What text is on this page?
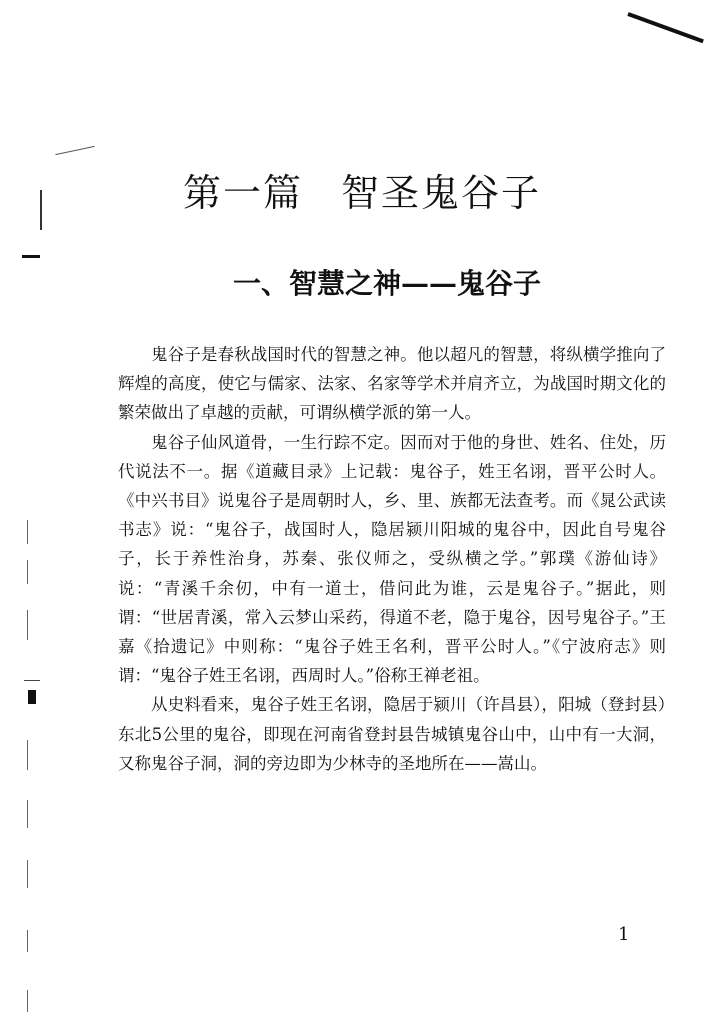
第一篇 智圣鬼谷子
一、智慧之神——鬼谷子

鬼谷子是春秋战国时代的智慧之神。他以超凡的智慧，将纵横学推向了辉煌的高度，使它与儒家、法家、名家等学术并肩齐立，为战国时期文化的繁荣做出了卓越的贡献，可谓纵横学派的第一人。

鬼谷子仙风道骨，一生行踪不定。因而对于他的身世、姓名、住处，历代说法不一。据《道藏目录》上记载：鬼谷子，姓王名诩，晋平公时人。《中兴书目》说鬼谷子是周朝时人，乡、里、族都无法查考。而《晁公武读书志》说：“鬼谷子，战国时人，隐居颍川阳城的鬼谷中，因此自号鬼谷子，长于养性治身，苏秦、张仪师之，受纵横之学。”郭璞《游仙诗》说：“青溪千余仞，中有一道士，借问此为谁，云是鬼谷子。”据此，则谓：“世居青溪，常入云梦山采药，得道不老，隐于鬼谷，因号鬼谷子。”王嘉《拾遗记》中则称：“鬼谷子姓王名利，晋平公时人。”《宁波府志》则谓：“鬼谷子姓王名诩，西周时人。”俗称王禅老祖。

从史料看来，鬼谷子姓王名诩，隐居于颍川（许昌县），阳城（登封县）东北5公里的鬼谷，即现在河南省登封县告城镇鬼谷山中，山中有一大洞，又称鬼谷子洞，洞的旁边即为少林寺的圣地所在——嵩山。

1
